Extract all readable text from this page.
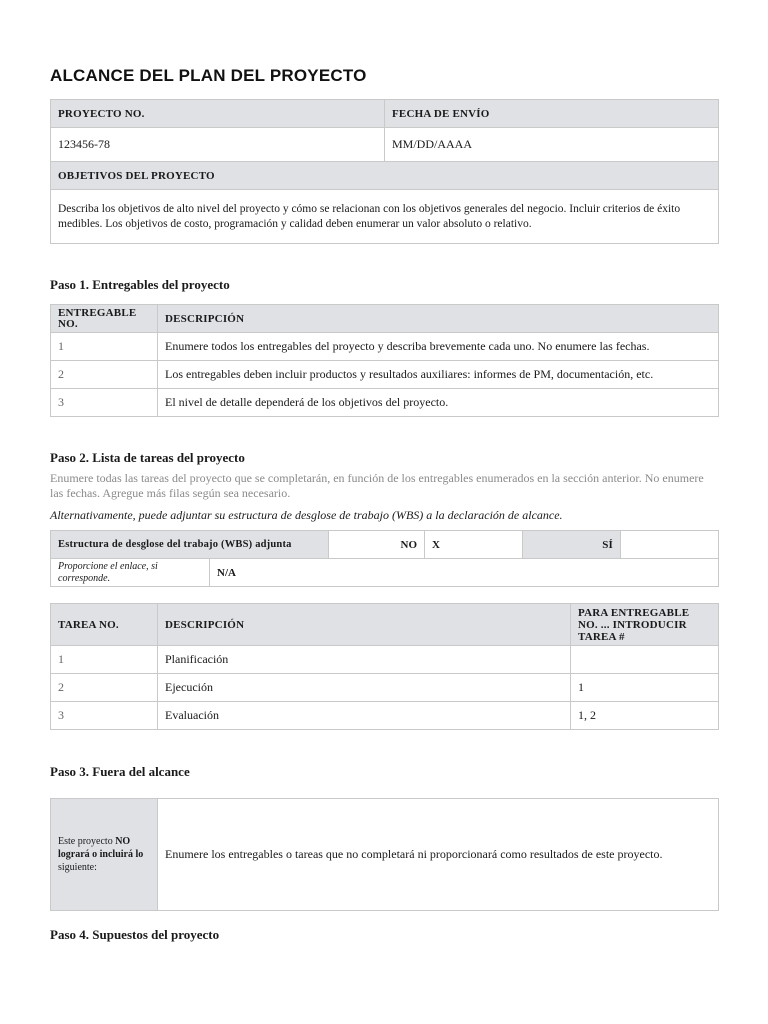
ALCANCE DEL PLAN DEL PROYECTO
PROYECTO NO.	FECHA DE ENVÍO
123456-78	MM/DD/AAAA
OBJETIVOS DEL PROYECTO	
Describa los objetivos de alto nivel del proyecto y cómo se relacionan con los objetivos generales del negocio. Incluir criterios de éxito medibles. Los objetivos de costo, programación y calidad deben enumerar un valor absoluto o relativo.	
Paso 1. Entregables del proyecto
ENTREGABLE NO.	DESCRIPCIÓN
1	Enumere todos los entregables del proyecto y describa brevemente cada uno. No enumere las fechas.
2	Los entregables deben incluir productos y resultados auxiliares: informes de PM, documentación, etc.
3	El nivel de detalle dependerá de los objetivos del proyecto.
Paso 2. Lista de tareas del proyecto
Enumere todas las tareas del proyecto que se completarán, en función de los entregables enumerados en la sección anterior. No enumere las fechas. Agregue más filas según sea necesario.
Alternativamente, puede adjuntar su estructura de desglose de trabajo (WBS) a la declaración de alcance.
Estructura de desglose del trabajo (WBS) adjunta		NO	X	SÍ	
Proporcione el enlace, si corresponde.	N/A				
TAREA NO.	DESCRIPCIÓN	PARA ENTREGABLE NO. ... INTRODUCIR TAREA #
1	Planificación	
2	Ejecución	1
3	Evaluación	1, 2
Paso 3. Fuera del alcance
Este proyecto NO logrará o incluirá lo siguiente:	Enumere los entregables o tareas que no completará ni proporcionará como resultados de este proyecto.
Paso 4. Supuestos del proyecto
